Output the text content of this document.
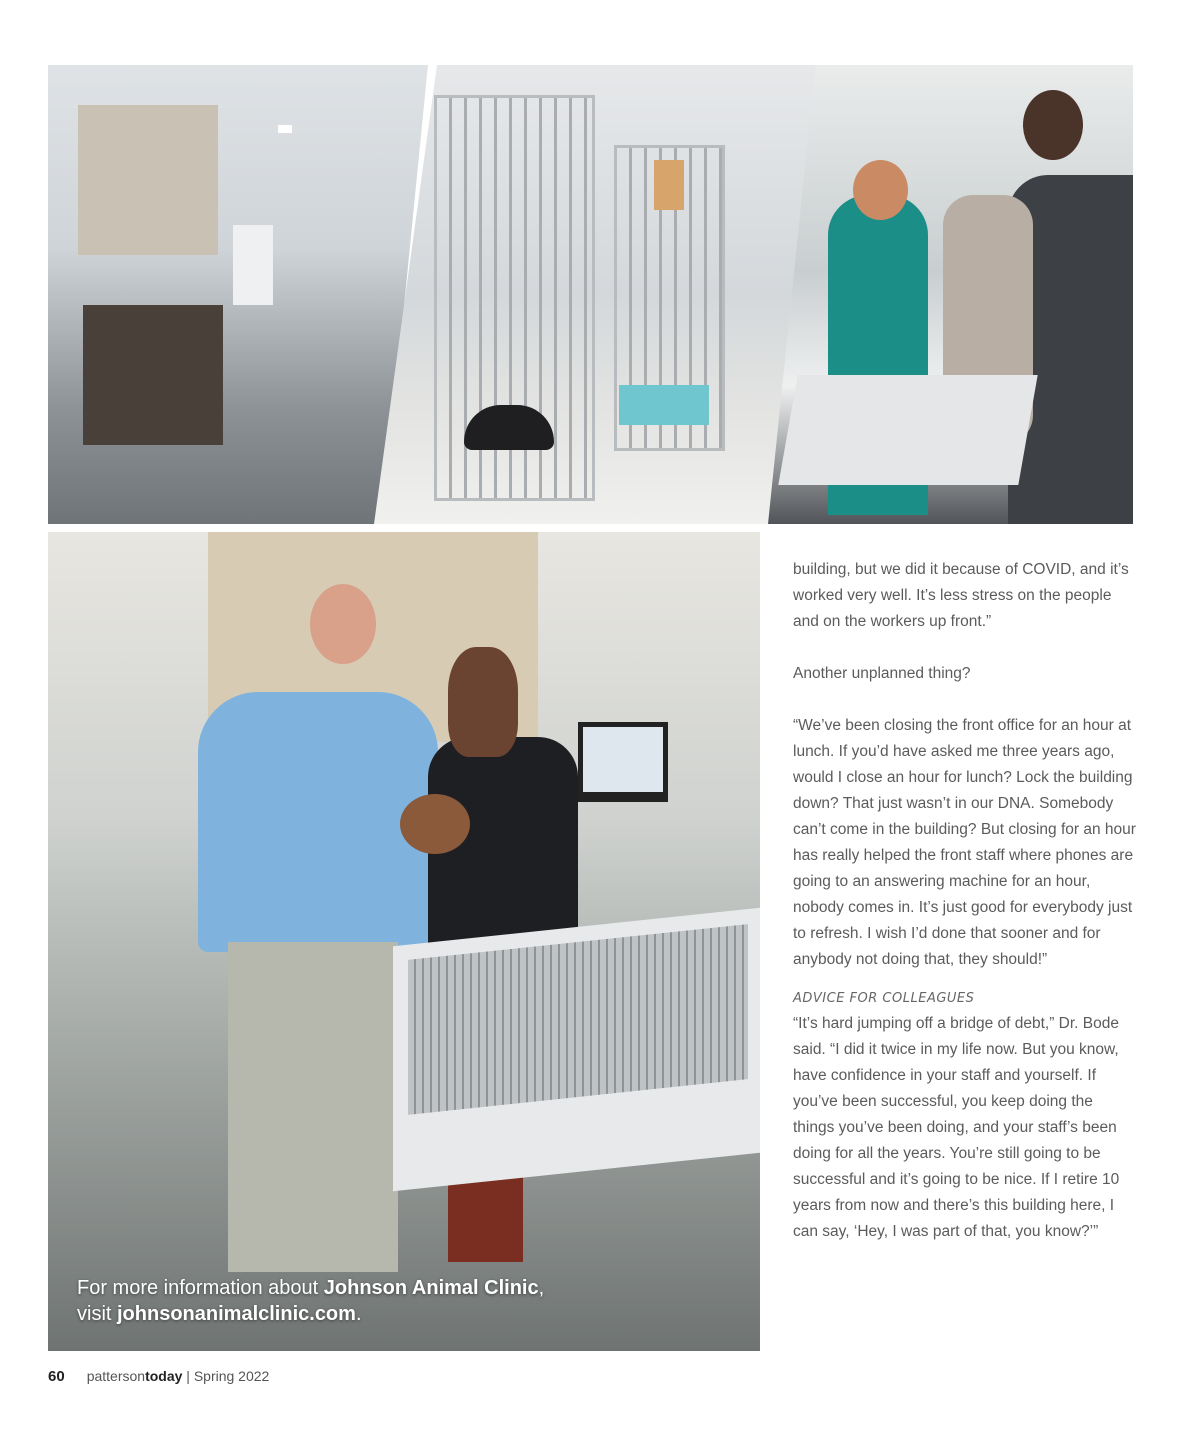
For more information about Johnson Animal Clinic,
visit johnsonanimalclinic.com.

building, but we did it because of COVID, and it’s worked very well. It’s less stress on the people and on the workers up front.”

Another unplanned thing?

“We’ve been closing the front office for an hour at lunch. If you’d have asked me three years ago, would I close an hour for lunch? Lock the building down? That just wasn’t in our DNA. Somebody can’t come in the building? But closing for an hour has really helped the front staff where phones are going to an answering machine for an hour, nobody comes in. It’s just good for everybody just to refresh. I wish I’d done that sooner and for anybody not doing that, they should!”

ADVICE FOR COLLEAGUES

“It’s hard jumping off a bridge of debt,” Dr. Bode said. “I did it twice in my life now. But you know, have confidence in your staff and yourself. If you’ve been successful, you keep doing the things you’ve been doing, and your staff’s been doing for all the years. You’re still going to be successful and it’s going to be nice. If I retire 10 years from now and there’s this building here, I can say, ‘Hey, I was part of that, you know?’”

60 pattersontoday | Spring 2022
